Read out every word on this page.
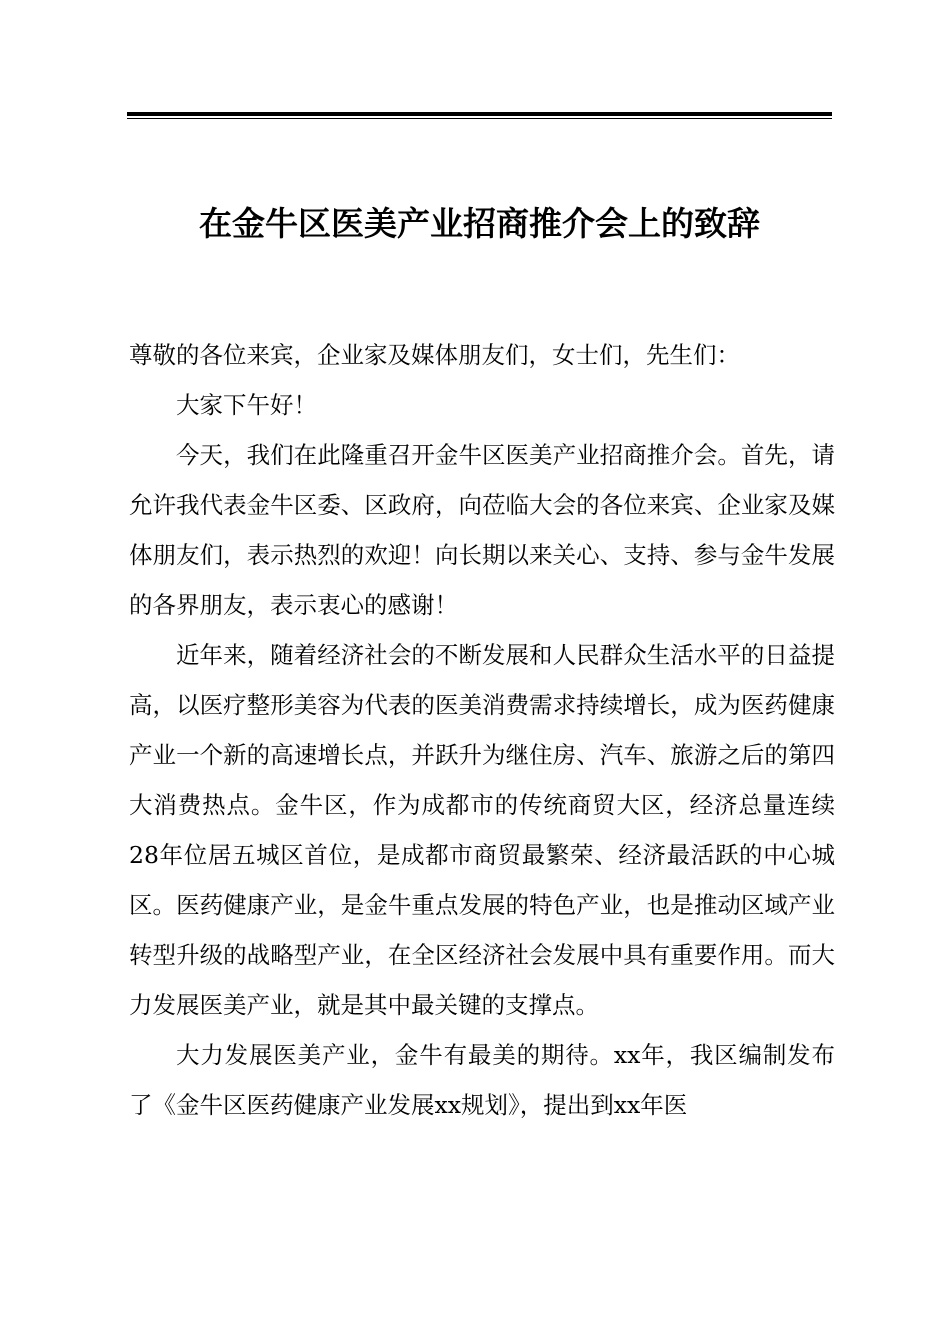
在金牛区医美产业招商推介会上的致辞

尊敬的各位来宾，企业家及媒体朋友们，女士们，先生们：

大家下午好！

今天，我们在此隆重召开金牛区医美产业招商推介会。首先，请允许我代表金牛区委、区政府，向莅临大会的各位来宾、企业家及媒体朋友们，表示热烈的欢迎！向长期以来关心、支持、参与金牛发展的各界朋友，表示衷心的感谢！

近年来，随着经济社会的不断发展和人民群众生活水平的日益提高，以医疗整形美容为代表的医美消费需求持续增长，成为医药健康产业一个新的高速增长点，并跃升为继住房、汽车、旅游之后的第四大消费热点。金牛区，作为成都市的传统商贸大区，经济总量连续28年位居五城区首位，是成都市商贸最繁荣、经济最活跃的中心城区。医药健康产业，是金牛重点发展的特色产业，也是推动区域产业转型升级的战略型产业，在全区经济社会发展中具有重要作用。而大力发展医美产业，就是其中最关键的支撑点。

大力发展医美产业，金牛有最美的期待。xx年，我区编制发布了《金牛区医药健康产业发展xx规划》，提出到xx年医
